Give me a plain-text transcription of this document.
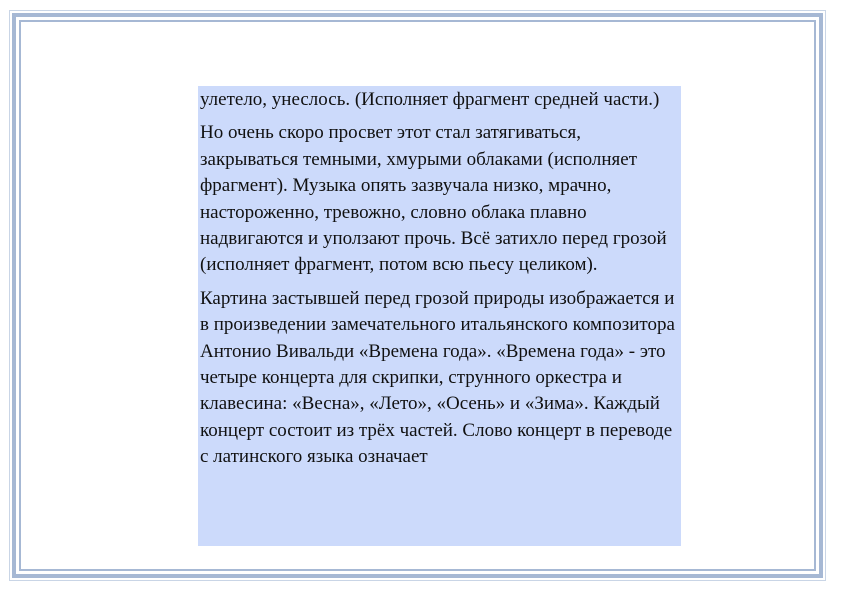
улетело, унеслось. (Исполняет фрагмент средней части.)

Но очень скоро просвет этот стал затягиваться, закрываться темными, хмурыми облаками (исполняет фрагмент). Музыка опять зазвучала низко, мрачно, настороженно, тревожно, словно облака плавно надвигаются и уползают прочь. Всё затихло перед грозой (исполняет фрагмент, потом всю пьесу целиком).

Картина застывшей перед грозой природы изображается и в произведении замечательного итальянского композитора Антонио Вивальди «Времена года». «Времена года» - это четыре концерта для скрипки, струнного оркестра и клавесина: «Весна», «Лето», «Осень» и «Зима». Каждый концерт состоит из трёх частей. Слово концерт в переводе с латинского языка означает
